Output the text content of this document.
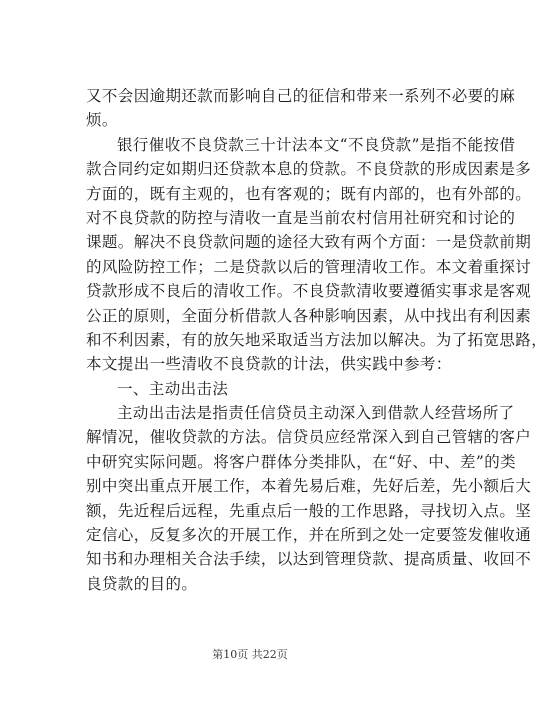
又不会因逾期还款而影响自己的征信和带来一系列不必要的麻
烦。
银行催收不良贷款三十计法本文“不良贷款”是指不能按借
款合同约定如期归还贷款本息的贷款。不良贷款的形成因素是多
方面的，既有主观的，也有客观的；既有内部的，也有外部的。
对不良贷款的防控与清收一直是当前农村信用社研究和讨论的
课题。解决不良贷款问题的途径大致有两个方面：一是贷款前期
的风险防控工作；二是贷款以后的管理清收工作。本文着重探讨
贷款形成不良后的清收工作。不良贷款清收要遵循实事求是客观
公正的原则，全面分析借款人各种影响因素，从中找出有利因素
和不利因素，有的放矢地采取适当方法加以解决。为了拓宽思路，
本文提出一些清收不良贷款的计法，供实践中参考：
一、主动出击法
主动出击法是指责任信贷员主动深入到借款人经营场所了
解情况，催收贷款的方法。信贷员应经常深入到自己管辖的客户
中研究实际问题。将客户群体分类排队，在“好、中、差”的类
别中突出重点开展工作，本着先易后难，先好后差，先小额后大
额，先近程后远程，先重点后一般的工作思路，寻找切入点。坚
定信心，反复多次的开展工作，并在所到之处一定要签发催收通
知书和办理相关合法手续，以达到管理贷款、提高质量、收回不
良贷款的目的。
第10页 共22页
